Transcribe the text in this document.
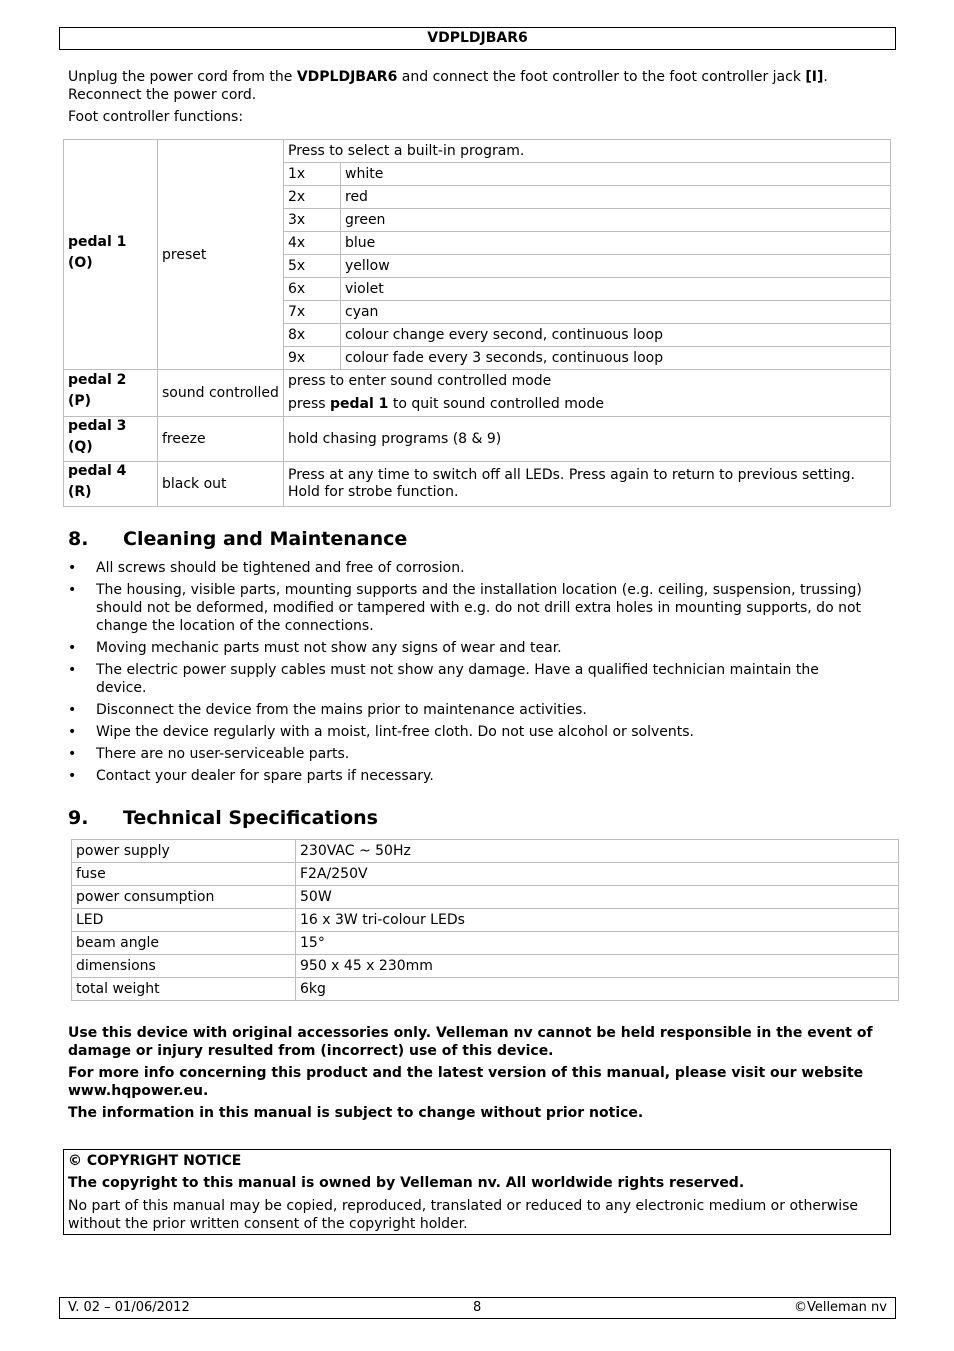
VDPLDJBAR6
Unplug the power cord from the VDPLDJBAR6 and connect the foot controller to the foot controller jack [I].
Reconnect the power cord.
Foot controller functions:
pedal 1
(O)	preset	Press to select a built-in program.	
		1x	white
		2x	red
		3x	green
		4x	blue
		5x	yellow
		6x	violet
		7x	cyan
		8x	colour change every second, continuous loop
		9x	colour fade every 3 seconds, continuous loop
pedal 2
(P)	sound controlled	press to enter sound controlled mode
press pedal 1 to quit sound controlled mode	
pedal 3
(Q)	freeze	hold chasing programs (8 & 9)	
pedal 4
(R)	black out	Press at any time to switch off all LEDs. Press again to return to previous setting. Hold for strobe function.	
8. Cleaning and Maintenance
• All screws should be tightened and free of corrosion.
• The housing, visible parts, mounting supports and the installation location (e.g. ceiling, suspension, trussing) should not be deformed, modified or tampered with e.g. do not drill extra holes in mounting supports, do not change the location of the connections.
• Moving mechanic parts must not show any signs of wear and tear.
• The electric power supply cables must not show any damage. Have a qualified technician maintain the device.
• Disconnect the device from the mains prior to maintenance activities.
• Wipe the device regularly with a moist, lint-free cloth. Do not use alcohol or solvents.
• There are no user-serviceable parts.
• Contact your dealer for spare parts if necessary.
9. Technical Specifications
power supply	230VAC ~ 50Hz
fuse	F2A/250V
power consumption	50W
LED	16 x 3W tri-colour LEDs
beam angle	15°
dimensions	950 x 45 x 230mm
total weight	6kg
Use this device with original accessories only. Velleman nv cannot be held responsible in the event of damage or injury resulted from (incorrect) use of this device.
For more info concerning this product and the latest version of this manual, please visit our website www.hqpower.eu.
The information in this manual is subject to change without prior notice.
© COPYRIGHT NOTICE
The copyright to this manual is owned by Velleman nv. All worldwide rights reserved.
No part of this manual may be copied, reproduced, translated or reduced to any electronic medium or otherwise without the prior written consent of the copyright holder.
V. 02 – 01/06/2012	8	©Velleman nv
